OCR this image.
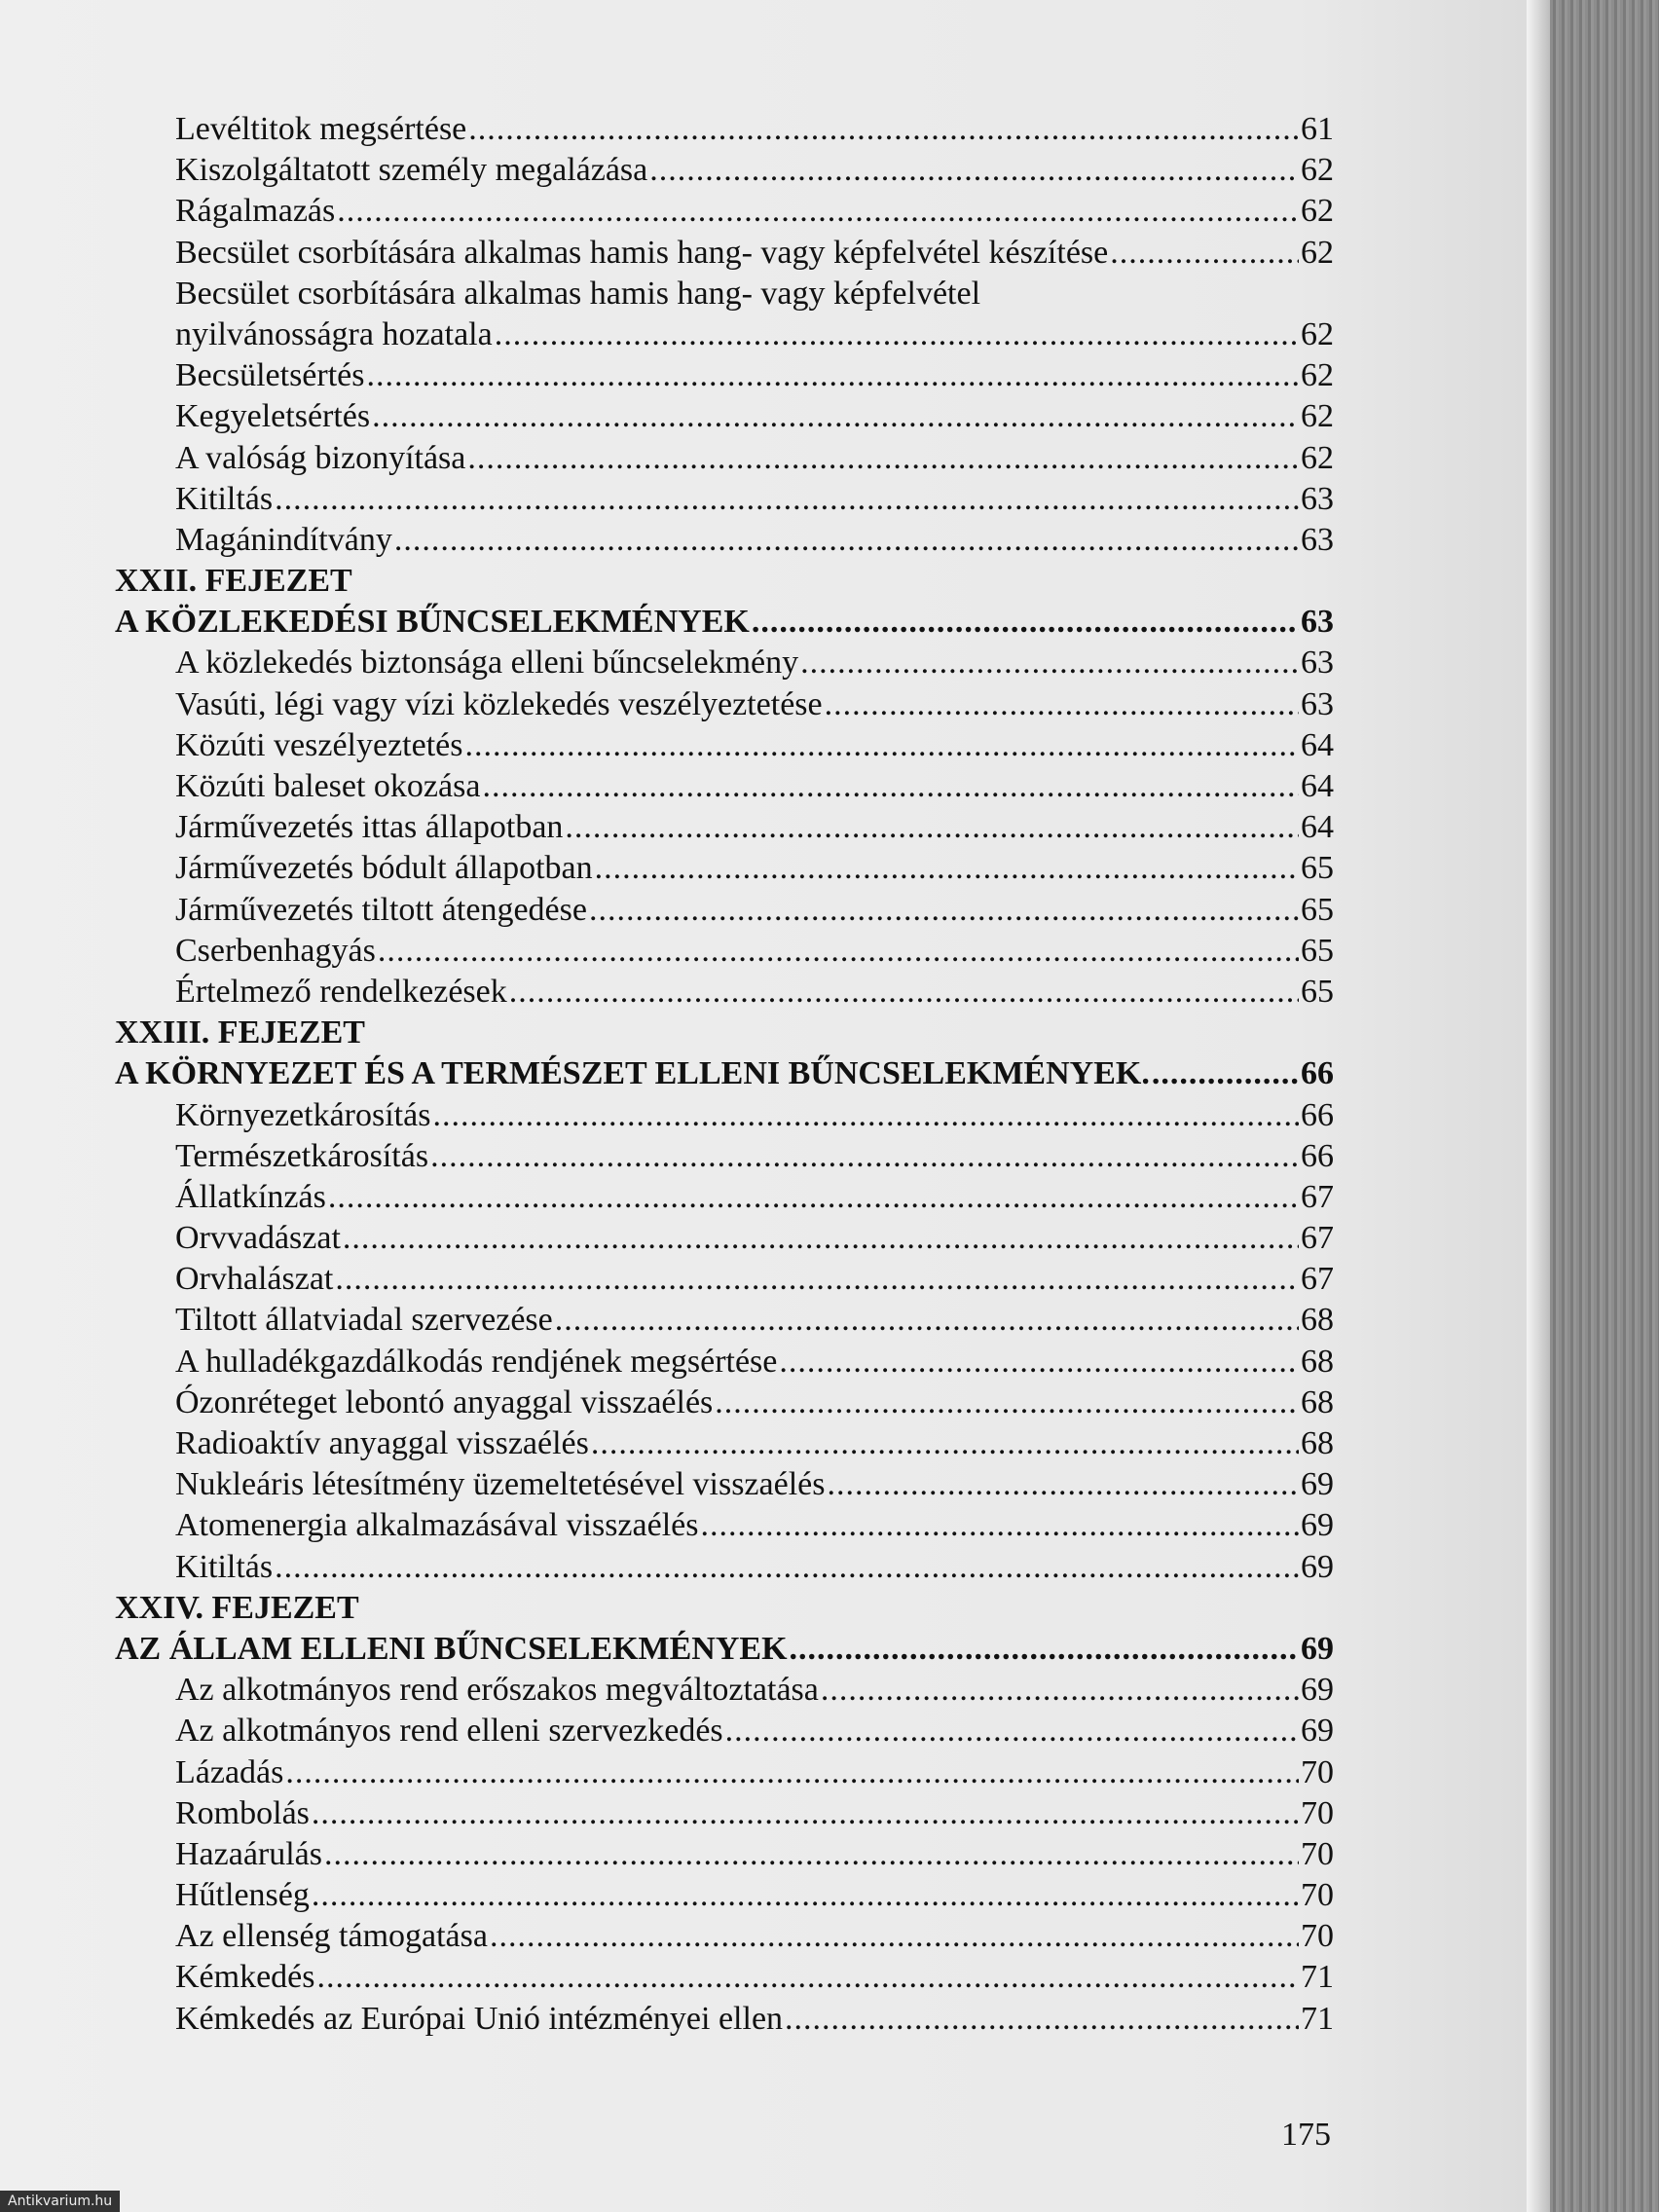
Levéltitok megsértése .....	61
Kiszolgáltatott személy megalázása .....	62
Rágalmazás .....	62
Becsület csorbítására alkalmas hamis hang- vagy képfelvétel készítése .....	62
Becsület csorbítására alkalmas hamis hang- vagy képfelvétel
nyilvánosságra hozatala .....	62
Becsületsértés .....	62
Kegyeletsértés .....	62
A valóság bizonyítása .....	62
Kitiltás .....	63
Magánindítvány .....	63
XXII. FEJEZET
A KÖZLEKEDÉSI BŰNCSELEKMÉNYEK .....	63
A közlekedés biztonsága elleni bűncselekmény .....	63
Vasúti, légi vagy vízi közlekedés veszélyeztetése .....	63
Közúti veszélyeztetés .....	64
Közúti baleset okozása .....	64
Járművezetés ittas állapotban .....	64
Járművezetés bódult állapotban .....	65
Járművezetés tiltott átengedése .....	65
Cserbenhagyás .....	65
Értelmező rendelkezések .....	65
XXIII. FEJEZET
A KÖRNYEZET ÉS A TERMÉSZET ELLENI BŰNCSELEKMÉNYEK. .....	66
Környezetkárosítás .....	66
Természetkárosítás .....	66
Állatkínzás .....	67
Orvvadászat .....	67
Orvhalászat .....	67
Tiltott állatviadal szervezése .....	68
A hulladékgazdálkodás rendjének megsértése .....	68
Ózonréteget lebontó anyaggal visszaélés .....	68
Radioaktív anyaggal visszaélés .....	68
Nukleáris létesítmény üzemeltetésével visszaélés .....	69
Atomenergia alkalmazásával visszaélés .....	69
Kitiltás .....	69
XXIV. FEJEZET
AZ ÁLLAM ELLENI BŰNCSELEKMÉNYEK .....	69
Az alkotmányos rend erőszakos megváltoztatása .....	69
Az alkotmányos rend elleni szervezkedés .....	69
Lázadás .....	70
Rombolás .....	70
Hazaárulás .....	70
Hűtlenség .....	70
Az ellenség támogatása .....	70
Kémkedés .....	71
Kémkedés az Európai Unió intézményei ellen .....	71
175
Antikvarium.hu
